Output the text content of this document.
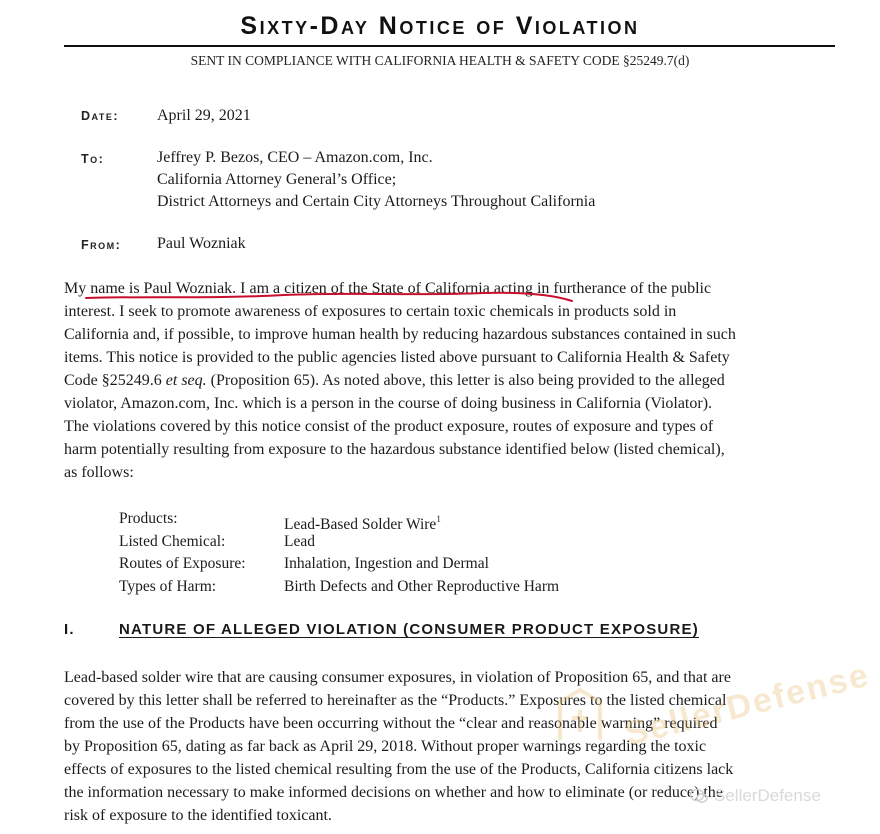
Sixty-Day Notice of Violation
SENT IN COMPLIANCE WITH CALIFORNIA HEALTH & SAFETY CODE §25249.7(d)
Date: April 29, 2021
To:	Jeffrey P. Bezos, CEO – Amazon.com, Inc.
California Attorney General’s Office;
District Attorneys and Certain City Attorneys Throughout California
From: Paul Wozniak
My name is Paul Wozniak. I am a citizen of the State of California acting in furtherance of the public
interest. I seek to promote awareness of exposures to certain toxic chemicals in products sold in
California and, if possible, to improve human health by reducing hazardous substances contained in such
items. This notice is provided to the public agencies listed above pursuant to California Health & Safety
Code §25249.6 et seq. (Proposition 65). As noted above, this letter is also being provided to the alleged
violator, Amazon.com, Inc. which is a person in the course of doing business in California (Violator).
The violations covered by this notice consist of the product exposure, routes of exposure and types of
harm potentially resulting from exposure to the hazardous substance identified below (listed chemical),
as follows:
Products:	Lead-Based Solder Wire$^1$
Listed Chemical:	Lead
Routes of Exposure:	Inhalation, Ingestion and Dermal
Types of Harm:	Birth Defects and Other Reproductive Harm
I.	NATURE OF ALLEGED VIOLATION (CONSUMER PRODUCT EXPOSURE)
Lead-based solder wire that are causing consumer exposures, in violation of Proposition 65, and that are
covered by this letter shall be referred to hereinafter as the “Products.” Exposures to the listed chemical
from the use of the Products have been occurring without the “clear and reasonable warning” required
by Proposition 65, dating as far back as April 29, 2018. Without proper warnings regarding the toxic
effects of exposures to the listed chemical resulting from the use of the Products, California citizens lack
the information necessary to make informed decisions on whether and how to eliminate (or reduce) the
risk of exposure to the identified toxicant.
SellerDefense
SellerDefense
